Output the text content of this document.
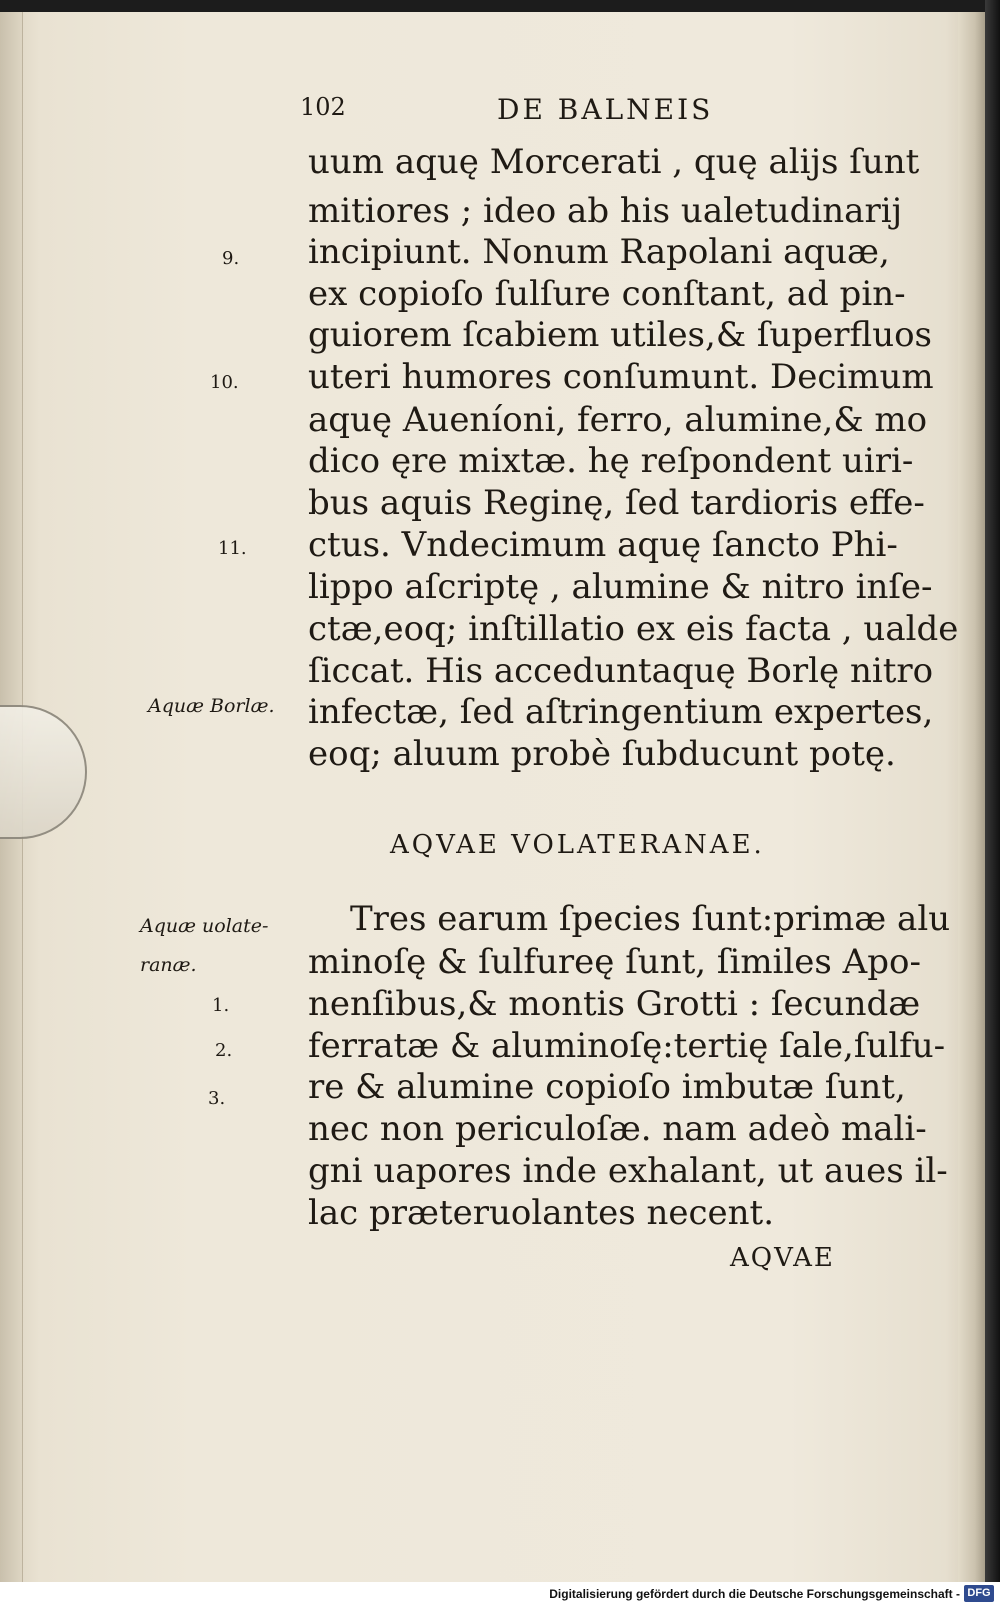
102	DE BALNEIS
uum aquę Morcerati , quę alijs ſunt
mitiores ; ideo ab his ualetudinarij
incipiunt. Nonum Rapolani aquæ,
ex copioſo ſulſure conſtant, ad pin-
guiorem ſcabiem utiles,& ſuperfluos
uteri humores conſumunt. Decimum
aquę Aueníoni, ferro, alumine,& mo
dico ęre mixtæ. hę reſpondent uiri-
bus aquis Reginę, ſed tardioris effe-
ctus. Vndecimum aquę ſancto Phi-
lippo aſcriptę , alumine & nitro inſe-
ctæ,eoq; inſtillatio ex eis facta , ualde
ſiccat. His acceduntaquę Borlę nitro
infectæ, ſed aſtringentium expertes,
eoq; aluum probè ſubducunt potę.
AQVAE VOLATERANAE.
Tres earum ſpecies ſunt:primæ alu
minoſę & ſulfureę ſunt, ſimiles Apo-
nenſibus,& montis Grotti : ſecundæ
ferratæ & aluminoſę:tertię ſale,ſulfu-
re & alumine copioſo imbutæ ſunt,
nec non periculoſæ. nam adeò mali-
gni uapores inde exhalant, ut aues il-
lac præteruolantes necent.
AQVAE
9.
10.
11.
Aquæ Borlæ.
Aquæ uolate-
ranæ.
1.
2.
3.
Digitalisierung gefördert durch die Deutsche Forschungsgemeinschaft - DFG
